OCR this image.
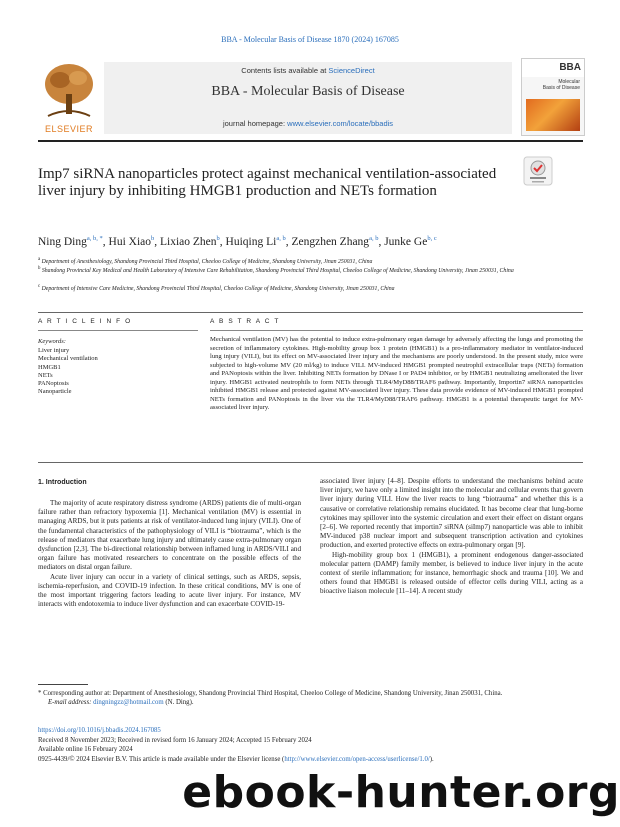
BBA - Molecular Basis of Disease 1870 (2024) 167085
ELSEVIER
Contents lists available at ScienceDirect
BBA - Molecular Basis of Disease
journal homepage: www.elsevier.com/locate/bbadis
BBA
Molecular
Basis of Disease
Imp7 siRNA nanoparticles protect against mechanical ventilation-associated liver injury by inhibiting HMGB1 production and NETs formation
Ning Ding$^{a, b, *}$, Hui Xiao$^b$, Lixiao Zhen$^b$, Huiqing Li$^{a, b}$, Zengzhen Zhang$^{a, b}$, Junke Ge$^{b, c}$
$^a$ Department of Anesthesiology, Shandong Provincial Third Hospital, Cheeloo College of Medicine, Shandong University, Jinan 250031, China
$^b$ Shandong Provincial Key Medical and Health Laboratory of Intensive Care Rehabilitation, Shandong Provincial Third Hospital, Cheeloo College of Medicine, Shandong University, Jinan 250031, China
$^c$ Department of Intensive Care Medicine, Shandong Provincial Third Hospital, Cheeloo College of Medicine, Shandong University, Jinan 250031, China
A R T I C L E I N F O	A B S T R A C T
Keywords:
Liver injury
Mechanical ventilation
HMGB1
NETs
PANoptosis
Nanoparticle
Mechanical ventilation (MV) has the potential to induce extra-pulmonary organ damage by adversely affecting the lungs and promoting the secretion of inflammatory cytokines. High-mobility group box 1 protein (HMGB1) is a pro-inflammatory mediator in ventilator-induced lung injury (VILI), but its effect on MV-associated liver injury and the mechanisms are poorly understood. In the present study, mice were subjected to high-volume MV (20 ml/kg) to induce VILI. MV-induced HMGB1 prompted neutrophil extracellular traps (NETs) formation and PANoptosis within the liver. Inhibiting NETs formation by DNase I or PAD4 inhibitor, or by HMGB1 neutralizing ameliorated the liver injury. HMGB1 activated neutrophils to form NETs through TLR4/MyD88/TRAF6 pathway. Importantly, Importin7 siRNA nanoparticles inhibited HMGB1 release and protected against MV-associated liver injury. These data provide evidence of MV-induced HMGB1 prompted NETs formation and PANoptosis in the liver via the TLR4/MyD88/TRAF6 pathway. HMGB1 is a potential therapeutic target for MV-associated liver injury.
1. Introduction

The majority of acute respiratory distress syndrome (ARDS) patients die of multi-organ failure rather than refractory hypoxemia [1]. Mechanical ventilation (MV) is essential in managing ARDS, but it puts patients at risk of ventilator-induced lung injury (VILI). One of the fundamental characteristics of the pathophysiology of VILI is “biotrauma”, which is the release of mediators that exacerbate lung injury and ultimately cause extra-pulmonary organ dysfunction [2,3]. The bi-directional relationship between inflamed lung in ARDS/VILI and organ failure has motivated researchers to concentrate on the possible effects of the mediators on distal organ failure.

Acute liver injury can occur in a variety of clinical settings, such as ARDS, sepsis, ischemia-reperfusion, and COVID-19 infection. In these critical conditions, MV is one of the most important triggering factors leading to acute liver injury. For instance, MV interacts with endotoxemia to induce liver dysfunction and can exacerbate COVID-19-

associated liver injury [4–8]. Despite efforts to understand the mechanisms behind acute liver injury, we have only a limited insight into the molecular and cellular events that govern liver injury during VILI. How the liver reacts to lung “biotrauma” and whether this is a causative or correlative relationship remains elucidated. It has become clear that lung-borne cytokines may spillover into the systemic circulation and exert their effect on distant organs [2–6]. We reported recently that importin7 siRNA (siImp7) nanoparticle was able to inhibit MV-induced p38 nuclear import and subsequent transcription activation and cytokines production, and exerted protective effects on extra-pulmonary organ [9].

High-mobility group box 1 (HMGB1), a prominent endogenous danger-associated molecular pattern (DAMP) family member, is believed to induce liver injury in the acute context of sterile inflammation; for instance, hemorrhagic shock and trauma [10]. We and others found that HMGB1 is released outside of effector cells during VILI, acting as a bioactive liaison molecule [11–14]. A recent study

* Corresponding author at: Department of Anesthesiology, Shandong Provincial Third Hospital, Cheeloo College of Medicine, Shandong University, Jinan 250031, China.
E-mail address: dingningzz@hotmail.com (N. Ding).
https://doi.org/10.1016/j.bbadis.2024.167085
Received 8 November 2023; Received in revised form 16 January 2024; Accepted 15 February 2024
Available online 16 February 2024
0925-4439/© 2024 Elsevier B.V. This article is made available under the Elsevier license (http://www.elsevier.com/open-access/userlicense/1.0/).
ebook-hunter.org
